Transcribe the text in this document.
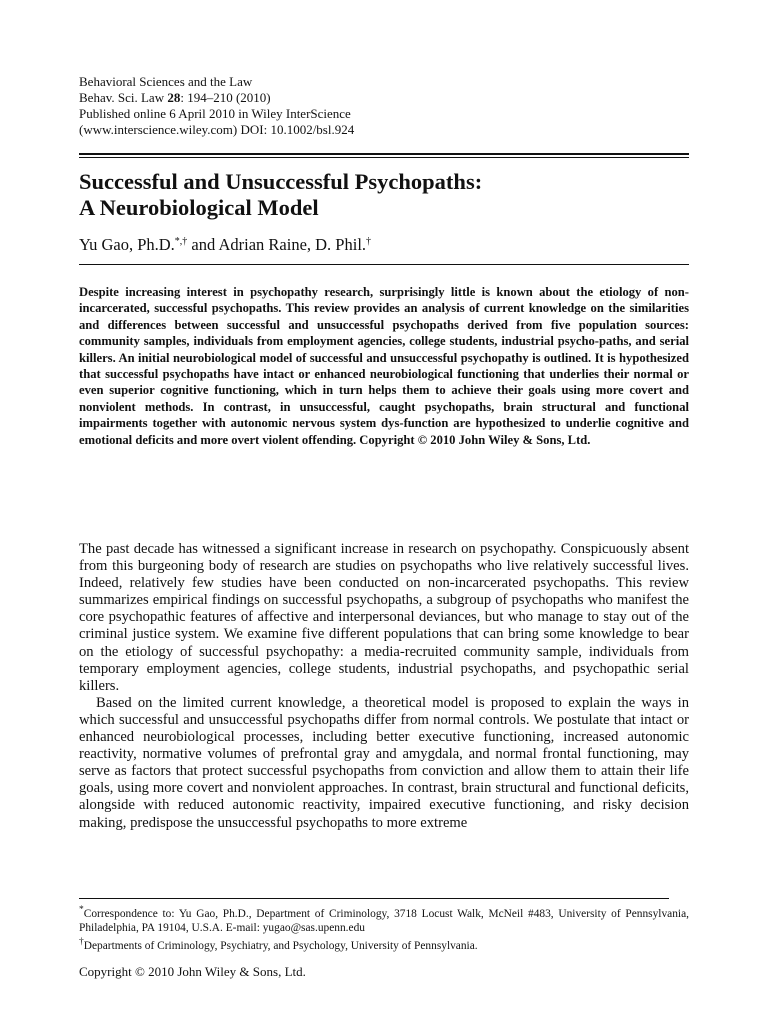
Behavioral Sciences and the Law
Behav. Sci. Law 28: 194–210 (2010)
Published online 6 April 2010 in Wiley InterScience
(www.interscience.wiley.com) DOI: 10.1002/bsl.924
Successful and Unsuccessful Psychopaths:
A Neurobiological Model
Yu Gao, Ph.D.*,† and Adrian Raine, D. Phil.†

Despite increasing interest in psychopathy research, surprisingly little is known about the etiology of non-incarcerated, successful psychopaths. This review provides an analysis of current knowledge on the similarities and differences between successful and unsuccessful psychopaths derived from five population sources: community samples, individuals from employment agencies, college students, industrial psycho-paths, and serial killers. An initial neurobiological model of successful and unsuccessful psychopathy is outlined. It is hypothesized that successful psychopaths have intact or enhanced neurobiological functioning that underlies their normal or even superior cognitive functioning, which in turn helps them to achieve their goals using more covert and nonviolent methods. In contrast, in unsuccessful, caught psychopaths, brain structural and functional impairments together with autonomic nervous system dys-function are hypothesized to underlie cognitive and emotional deficits and more overt violent offending. Copyright © 2010 John Wiley & Sons, Ltd.

The past decade has witnessed a significant increase in research on psychopathy. Conspicuously absent from this burgeoning body of research are studies on psychopaths who live relatively successful lives. Indeed, relatively few studies have been conducted on non-incarcerated psychopaths. This review summarizes empirical findings on successful psychopaths, a subgroup of psychopaths who manifest the core psychopathic features of affective and interpersonal deviances, but who manage to stay out of the criminal justice system. We examine five different populations that can bring some knowledge to bear on the etiology of successful psychopathy: a media-recruited community sample, individuals from temporary employment agencies, college students, industrial psychopaths, and psychopathic serial killers.

Based on the limited current knowledge, a theoretical model is proposed to explain the ways in which successful and unsuccessful psychopaths differ from normal controls. We postulate that intact or enhanced neurobiological processes, including better executive functioning, increased autonomic reactivity, normative volumes of prefrontal gray and amygdala, and normal frontal functioning, may serve as factors that protect successful psychopaths from conviction and allow them to attain their life goals, using more covert and nonviolent approaches. In contrast, brain structural and functional deficits, alongside with reduced autonomic reactivity, impaired executive functioning, and risky decision making, predispose the unsuccessful psychopaths to more extreme

*Correspondence to: Yu Gao, Ph.D., Department of Criminology, 3718 Locust Walk, McNeil #483, University of Pennsylvania, Philadelphia, PA 19104, U.S.A. E-mail: yugao@sas.upenn.edu

†Departments of Criminology, Psychiatry, and Psychology, University of Pennsylvania.

Copyright © 2010 John Wiley & Sons, Ltd.
